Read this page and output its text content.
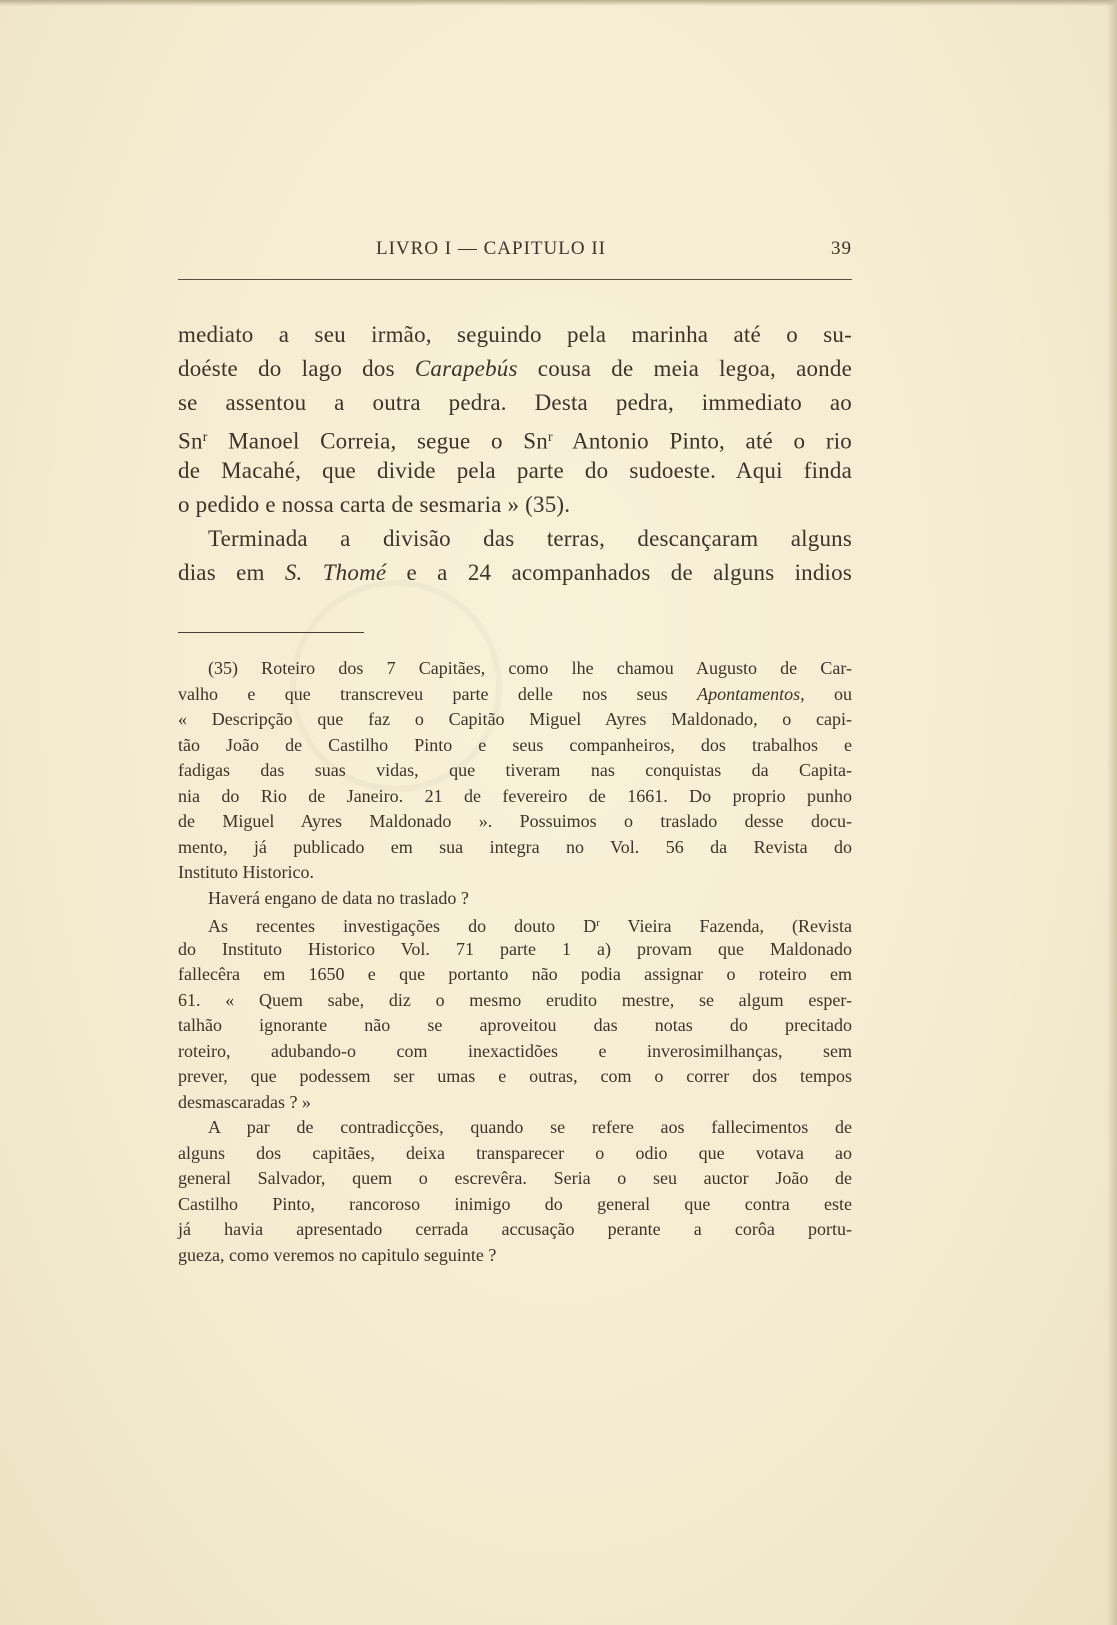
LIVRO I — CAPITULO II	39
mediato a seu irmão, seguindo pela marinha até o su-
doéste do lago dos Carapebús cousa de meia legoa, aonde
se assentou a outra pedra. Desta pedra, immediato ao
Sn$^r$ Manoel Correia, segue o Sn$^r$ Antonio Pinto, até o rio
de Macahé, que divide pela parte do sudoeste. Aqui finda
o pedido e nossa carta de sesmaria » (35).
Terminada a divisão das terras, descançaram alguns
dias em S. Thomé e a 24 acompanhados de alguns indios
(35) Roteiro dos 7 Capitães, como lhe chamou Augusto de Car-
valho e que transcreveu parte delle nos seus Apontamentos, ou
« Descripção que faz o Capitão Miguel Ayres Maldonado, o capi-
tão João de Castilho Pinto e seus companheiros, dos trabalhos e
fadigas das suas vidas, que tiveram nas conquistas da Capita-
nia do Rio de Janeiro. 21 de fevereiro de 1661. Do proprio punho
de Miguel Ayres Maldonado ». Possuimos o traslado desse docu-
mento, já publicado em sua integra no Vol. 56 da Revista do
Instituto Historico.
Haverá engano de data no traslado ?
As recentes investigações do douto $D^r$ Vieira Fazenda, (Revista
do Instituto Historico Vol. 71 parte 1 a) provam que Maldonado
fallecêra em 1650 e que portanto não podia assignar o roteiro em
61. « Quem sabe, diz o mesmo erudito mestre, se algum esper-
talhão ignorante não se aproveitou das notas do precitado
roteiro, adubando-o com inexactidões e inverosimilhanças, sem
prever, que podessem ser umas e outras, com o correr dos tempos
desmascaradas ? »
A par de contradicções, quando se refere aos fallecimentos de
alguns dos capitães, deixa transparecer o odio que votava ao
general Salvador, quem o escrevêra. Seria o seu auctor João de
Castilho Pinto, rancoroso inimigo do general que contra este
já havia apresentado cerrada accusação perante a corôa portu-
gueza, como veremos no capitulo seguinte ?
